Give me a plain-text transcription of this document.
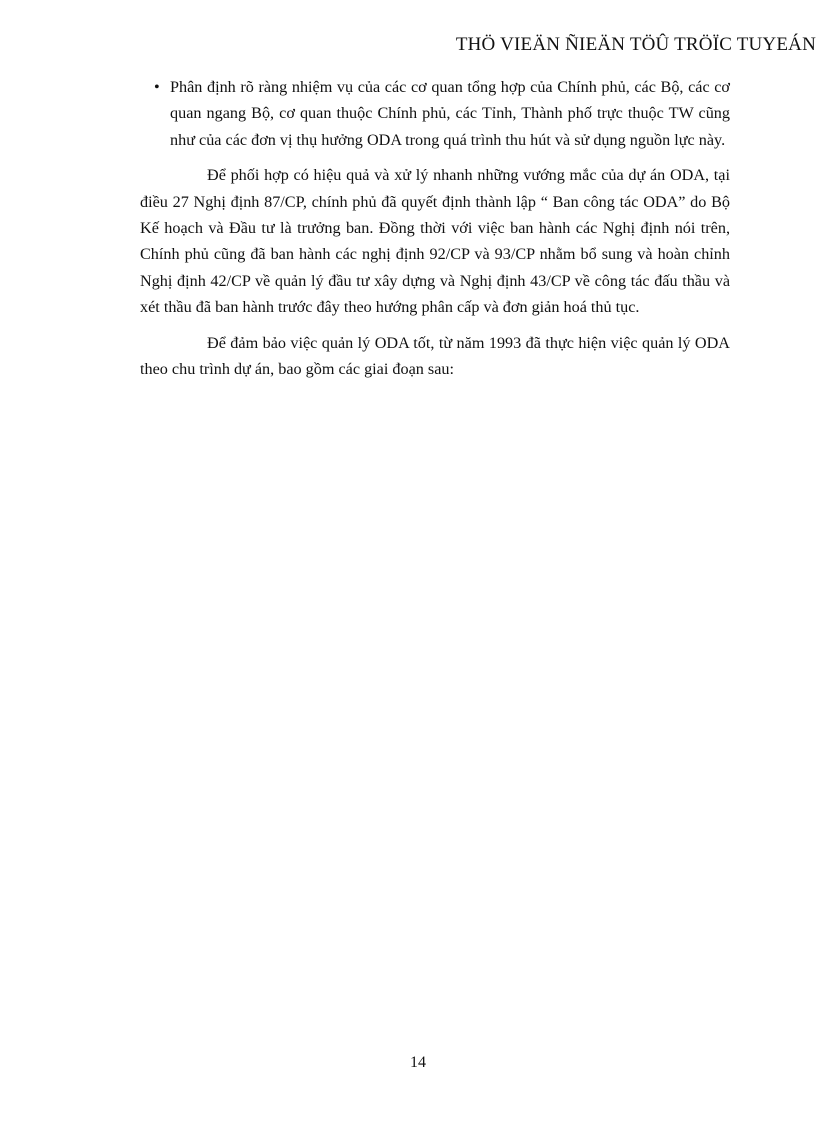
THÖ VIEÄN ÑIEÄN TÖÛ TRÖÏC TUYEÁN

• Phân định rõ ràng nhiệm vụ của các cơ quan tổng hợp của Chính phủ, các Bộ, các cơ quan ngang Bộ, cơ quan thuộc Chính phủ, các Tỉnh, Thành phố trực thuộc TW cũng như của các đơn vị thụ hưởng ODA trong quá trình thu hút và sử dụng nguồn lực này.

Để phối hợp có hiệu quả và xử lý nhanh những vướng mắc của dự án ODA, tại điều 27 Nghị định 87/CP, chính phủ đã quyết định thành lập “ Ban công tác ODA” do Bộ Kế hoạch và Đầu tư là trưởng ban. Đồng thời với việc ban hành các Nghị định nói trên, Chính phủ cũng đã ban hành các nghị định 92/CP và 93/CP nhằm bổ sung và hoàn chỉnh Nghị định 42/CP về quản lý đầu tư xây dựng và Nghị định 43/CP về công tác đấu thầu và xét thầu đã ban hành trước đây theo hướng phân cấp và đơn giản hoá thủ tục.

Để đảm bảo việc quản lý ODA tốt, từ năm 1993 đã thực hiện việc quản lý ODA theo chu trình dự án, bao gồm các giai đoạn sau:

14
